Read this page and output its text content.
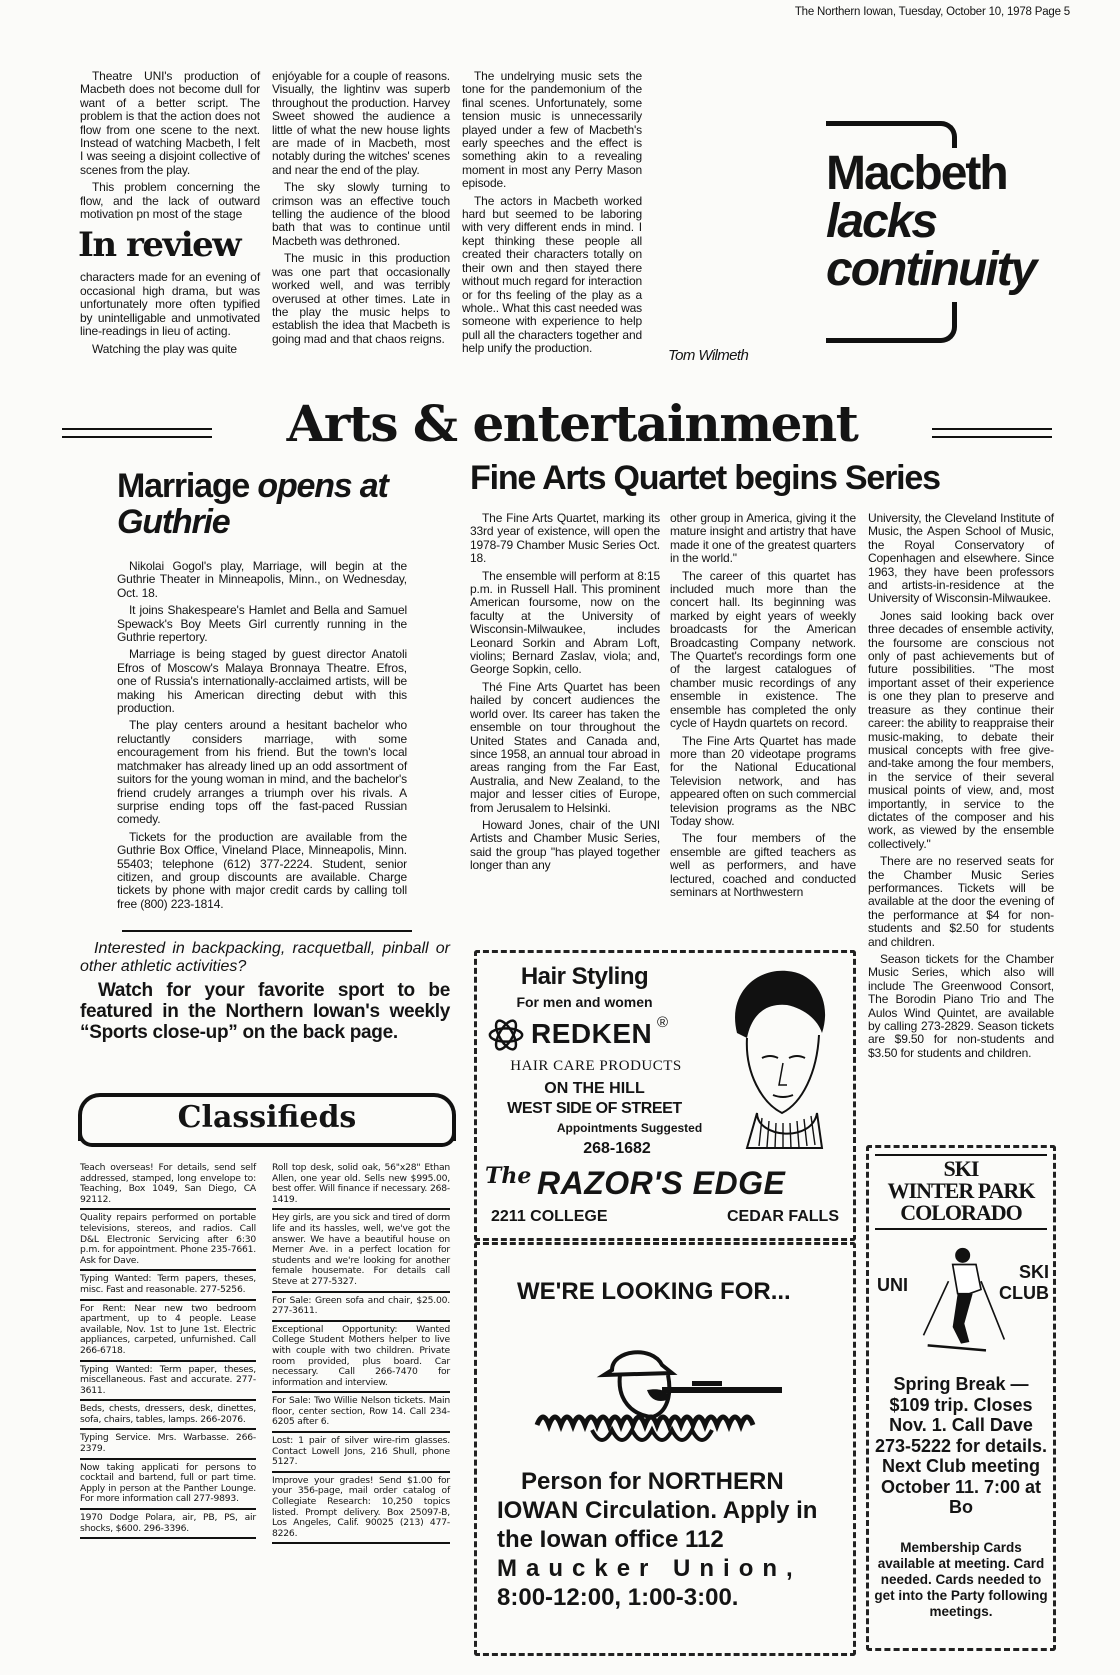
The Northern Iowan, Tuesday, October 10, 1978 Page 5

Theatre UNI's production of Macbeth does not become dull for want of a better script. The problem is that the action does not flow from one scene to the next. Instead of watching Macbeth, I felt I was seeing a disjoint collective of scenes from the play.

This problem concerning the flow, and the lack of outward motivation pn most of the stage

In review

characters made for an evening of occasional high drama, but was unfortunately more often typified by unintelligable and unmotivated line-readings in lieu of acting.

Watching the play was quite

enjóyable for a couple of reasons. Visually, the lightinv was superb throughout the production. Harvey Sweet showed the audience a little of what the new house lights are made of in Macbeth, most notably during the witches' scenes and near the end of the play.

The sky slowly turning to crimson was an effective touch telling the audience of the blood bath that was to continue until Macbeth was dethroned.

The music in this production was one part that occasionally worked well, and was terribly overused at other times. Late in the play the music helps to establish the idea that Macbeth is going mad and that chaos reigns.

The undelrying music sets the tone for the pandemonium of the final scenes. Unfortunately, some tension music is unnecessarily played under a few of Macbeth's early speeches and the effect is something akin to a revealing moment in most any Perry Mason episode.

The actors in Macbeth worked hard but seemed to be laboring with very different ends in mind. I kept thinking these people all created their characters totally on their own and then stayed there without much regard for interaction or for ths feeling of the play as a whole.. What this cast needed was someone with experience to help pull all the characters together and help unify the production.

Macbeth
lacks
continuity
Tom Wilmeth
Arts & entertainment
Marriage opens at Guthrie

Nikolai Gogol's play, Marriage, will begin at the Guthrie Theater in Minneapolis, Minn., on Wednesday, Oct. 18.

It joins Shakespeare's Hamlet and Bella and Samuel Spewack's Boy Meets Girl currently running in the Guthrie repertory.

Marriage is being staged by guest director Anatoli Efros of Moscow's Malaya Bronnaya Theatre. Efros, one of Russia's internationally-acclaimed artists, will be making his American directing debut with this production.

The play centers around a hesitant bachelor who reluctantly considers marriage, with some encouragement from his friend. But the town's local matchmaker has already lined up an odd assortment of suitors for the young woman in mind, and the bachelor's friend crudely arranges a triumph over his rivals. A surprise ending tops off the fast-paced Russian comedy.

Tickets for the production are available from the Guthrie Box Office, Vineland Place, Minneapolis, Minn. 55403; telephone (612) 377-2224. Student, senior citizen, and group discounts are available. Charge tickets by phone with major credit cards by calling toll free (800) 223-1814.

Interested in backpacking, racquetball, pinball or other athletic activities?
Watch for your favorite sport to be featured in the Northern Iowan's weekly “Sports close-up” on the back page.
Classifieds
Teach overseas! For details, send self addressed, stamped, long envelope to: Teaching, Box 1049, San Diego, CA 92112.
Quality repairs performed on portable televisions, stereos, and radios. Call D&L Electronic Servicing after 6:30 p.m. for appointment. Phone 235-7661. Ask for Dave.
Typing Wanted: Term papers, theses, misc. Fast and reasonable. 277-5256.
For Rent: Near new two bedroom apartment, up to 4 people. Lease available, Nov. 1st to June 1st. Electric appliances, carpeted, unfurnished. Call 266-6718.
Typing Wanted: Term paper, theses, miscellaneous. Fast and accurate. 277-3611.
Beds, chests, dressers, desk, dinettes, sofa, chairs, tables, lamps. 266-2076.
Typing Service. Mrs. Warbasse. 266-2379.
Now taking applicati for persons to cocktail and bartend, full or part time. Apply in person at the Panther Lounge. For more information call 277-9893.
1970 Dodge Polara, air, PB, PS, air shocks, $600. 296-3396.
Roll top desk, solid oak, 56"x28" Ethan Allen, one year old. Sells new $995.00, best offer. Will finance if necessary. 268-1419.
Hey girls, are you sick and tired of dorm life and its hassles, well, we've got the answer. We have a beautiful house on Merner Ave. in a perfect location for students and we're looking for another female housemate. For details call Steve at 277-5327.
For Sale: Green sofa and chair, $25.00. 277-3611.
Exceptional Opportunity: Wanted College Student Mothers helper to live with couple with two children. Private room provided, plus board. Car necessary. Call 266-7470 for information and interview.
For Sale: Two Willie Nelson tickets. Main floor, center section, Row 14. Call 234-6205 after 6.
Lost: 1 pair of silver wire-rim glasses. Contact Lowell Jons, 216 Shull, phone 5127.
Improve your grades! Send $1.00 for your 356-page, mail order catalog of Collegiate Research: 10,250 topics listed. Prompt delivery. Box 25097-B, Los Angeles, Calif. 90025 (213) 477-8226.
Fine Arts Quartet begins Series

The Fine Arts Quartet, marking its 33rd year of existence, will open the 1978-79 Chamber Music Series Oct. 18.

The ensemble will perform at 8:15 p.m. in Russell Hall. This prominent American foursome, now on the faculty at the University of Wisconsin-Milwaukee, includes Leonard Sorkin and Abram Loft, violins; Bernard Zaslav, viola; and, George Sopkin, cello.

Thé Fine Arts Quartet has been hailed by concert audiences the world over. Its career has taken the ensemble on tour throughout the United States and Canada and, since 1958, an annual tour abroad in areas ranging from the Far East, Australia, and New Zealand, to the major and lesser cities of Europe, from Jerusalem to Helsinki.

Howard Jones, chair of the UNI Artists and Chamber Music Series, said the group "has played together longer than any

other group in America, giving it the mature insight and artistry that have made it one of the greatest quarters in the world."

The career of this quartet has included much more than the concert hall. Its beginning was marked by eight years of weekly broadcasts for the American Broadcasting Company network. The Quartet's recordings form one of the largest catalogues of chamber music recordings of any ensemble in existence. The ensemble has completed the only cycle of Haydn quartets on record.

The Fine Arts Quartet has made more than 20 videotape programs for the National Educational Television network, and has appeared often on such commercial television programs as the NBC Today show.

The four members of the ensemble are gifted teachers as well as performers, and have lectured, coached and conducted seminars at Northwestern

University, the Cleveland Institute of Music, the Aspen School of Music, the Royal Conservatory of Copenhagen and elsewhere. Since 1963, they have been professors and artists-in-residence at the University of Wisconsin-Milwaukee.

Jones said looking back over three decades of ensemble activity, the foursome are conscious not only of past achievements but of future possibilities. "The most important asset of their experience is one they plan to preserve and treasure as they continue their career: the ability to reappraise their music-making, to debate their musical concepts with free give-and-take among the four members, in the service of their several musical points of view, and, most importantly, in service to the dictates of the composer and his work, as viewed by the ensemble collectively."

There are no reserved seats for the Chamber Music Series performances. Tickets will be available at the door the evening of the performance at $4 for non-students and $2.50 for students and children.

Season tickets for the Chamber Music Series, which also will include The Greenwood Consort, The Borodin Piano Trio and The Aulos Wind Quintet, are available by calling 273-2829. Season tickets are $9.50 for non-students and $3.50 for students and children.

Hair Styling
For men and women
REDKEN ®
HAIR CARE PRODUCTS
ON THE HILL
WEST SIDE OF STREET
Appointments Suggested
268-1682
The RAZOR'S EDGE
2211 COLLEGE	CEDAR FALLS
WE'RE LOOKING FOR...
Person for NORTHERN IOWAN Circulation. Apply in the Iowan office 112
Maucker Union,
8:00-12:00, 1:00-3:00.
SKI
WINTER PARK
COLORADO
UNI
SKI
CLUB
Spring Break — $109 trip. Closes Nov. 1. Call Dave 273-5222 for details. Next Club meeting October 11. 7:00 at Bo
Membership Cards available at meeting. Card needed. Cards needed to get into the Party following meetings.
